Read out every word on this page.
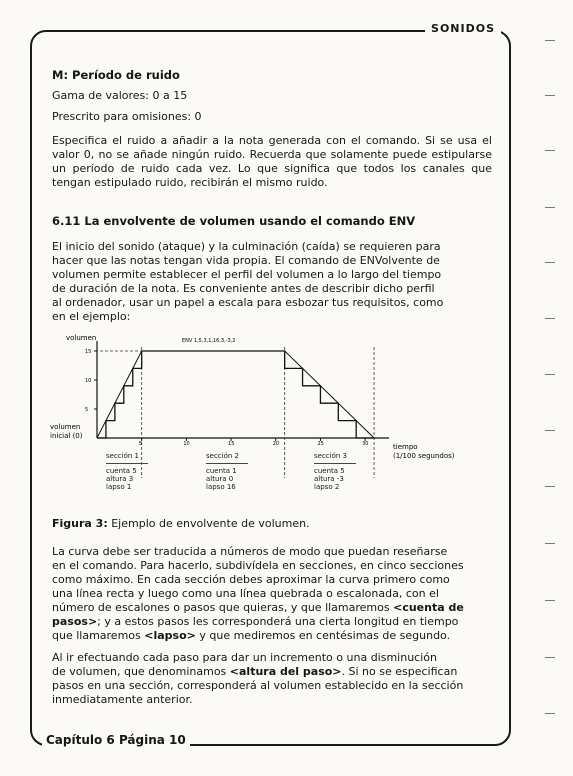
SONIDOS
Capítulo 6 Página 10

M: Período de ruido

Gama de valores: 0 a 15

Prescrito para omisiones: 0

Especifica el ruido a añadir a la nota generada con el comando. Si se usa el valor 0, no se añade ningún ruido. Recuerda que solamente puede estipularse un período de ruido cada vez. Lo que significa que todos los canales que tengan estipulado ruido, recibirán el mismo ruido.

6.11 La envolvente de volumen usando el comando ENV

El inicio del sonido (ataque) y la culminación (caída) se requieren para

hacer que las notas tengan vida propia. El comando de ENVolvente de

volumen permite establecer el perfil del volumen a lo largo del tiempo

de duración de la nota. Es conveniente antes de describir dicho perfil

al ordenador, usar un papel a escala para esbozar tus requisitos, como

en el ejemplo:

volumen
volumen
inicial (0)
ENV 1,5,3,1,16,3,-3,2
tiempo
(1/100 segundos)
15
10
5
5	10	15	20	25	30
sección 1
cuenta 5
altura 3
lapso 1
sección 2
cuenta 1
altura 0
lapso 16
sección 3
cuenta 5
altura -3
lapso 2
Figura 3: Ejemplo de envolvente de volumen.

La curva debe ser traducida a números de modo que puedan reseñarse

en el comando. Para hacerlo, subdivídela en secciones, en cinco secciones

como máximo. En cada sección debes aproximar la curva primero como

una línea recta y luego como una línea quebrada o escalonada, con el

número de escalones o pasos que quieras, y que llamaremos <cuenta de

pasos>; y a estos pasos les corresponderá una cierta longitud en tiempo

que llamaremos <lapso> y que mediremos en centésimas de segundo.

Al ir efectuando cada paso para dar un incremento o una disminución

de volumen, que denominamos <altura del paso>. Si no se especifican

pasos en una sección, corresponderá al volumen establecido en la sección

inmediatamente anterior.
